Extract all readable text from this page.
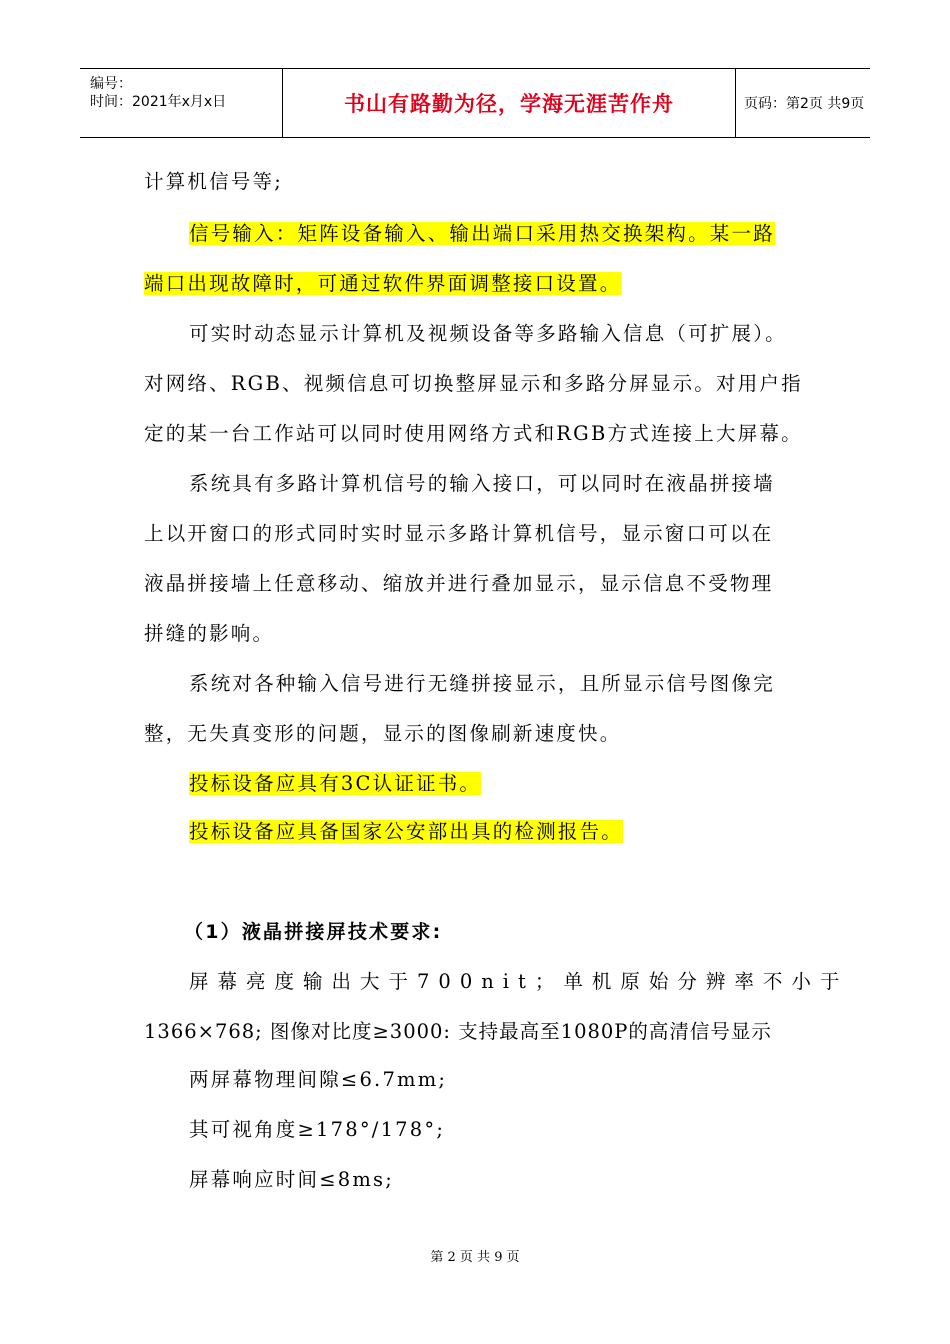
编号：
时间：2021年x月x日	书山有路勤为径，学海无涯苦作舟	页码：第2页 共9页
计算机信号等;
信号输入：矩阵设备输入、输出端口采用热交换架构。某一路
端口出现故障时，可通过软件界面调整接口设置。
可实时动态显示计算机及视频设备等多路输入信息（可扩展）。
对网络、RGB、视频信息可切换整屏显示和多路分屏显示。对用户指
定的某一台工作站可以同时使用网络方式和RGB方式连接上大屏幕。
系统具有多路计算机信号的输入接口，可以同时在液晶拼接墙
上以开窗口的形式同时实时显示多路计算机信号，显示窗口可以在
液晶拼接墙上任意移动、缩放并进行叠加显示，显示信息不受物理
拼缝的影响。
系统对各种输入信号进行无缝拼接显示，且所显示信号图像完
整，无失真变形的问题，显示的图像刷新速度快。
投标设备应具有3C认证证书。
投标设备应具备国家公安部出具的检测报告。
（1）液晶拼接屏技术要求:
屏幕亮度输出大于700nit；单机原始分辨率不小于
1366×768; 图像对比度≥3000: 支持最高至1080P的高清信号显示
两屏幕物理间隙≤6.7mm;
其可视角度≥178°/178°;
屏幕响应时间≤8ms;
第 2 页 共 9 页
